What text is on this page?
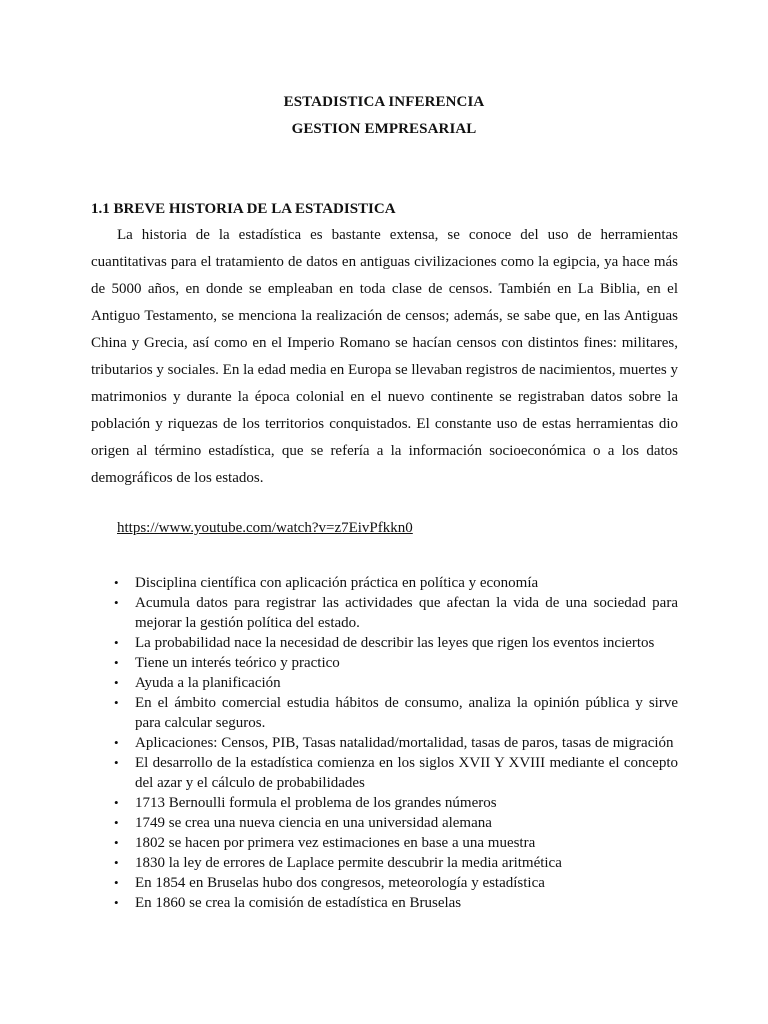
ESTADISTICA INFERENCIA
GESTION EMPRESARIAL
1.1 BREVE HISTORIA DE LA ESTADISTICA

La historia de la estadística es bastante extensa, se conoce del uso de herramientas cuantitativas para el tratamiento de datos en antiguas civilizaciones como la egipcia, ya hace más de 5000 años, en donde se empleaban en toda clase de censos. También en La Biblia, en el Antiguo Testamento, se menciona la realización de censos; además, se sabe que, en las Antiguas China y Grecia, así como en el Imperio Romano se hacían censos con distintos fines: militares, tributarios y sociales. En la edad media en Europa se llevaban registros de nacimientos, muertes y matrimonios y durante la época colonial en el nuevo continente se registraban datos sobre la población y riquezas de los territorios conquistados. El constante uso de estas herramientas dio origen al término estadística, que se refería a la información socioeconómica o a los datos demográficos de los estados.

https://www.youtube.com/watch?v=z7EivPfkkn0
• Disciplina científica con aplicación práctica en política y economía
• Acumula datos para registrar las actividades que afectan la vida de una sociedad para mejorar la gestión política del estado.
• La probabilidad nace la necesidad de describir las leyes que rigen los eventos inciertos
• Tiene un interés teórico y practico
• Ayuda a la planificación
• En el ámbito comercial estudia hábitos de consumo, analiza la opinión pública y sirve para calcular seguros.
• Aplicaciones: Censos, PIB, Tasas natalidad/mortalidad, tasas de paros, tasas de migración
• El desarrollo de la estadística comienza en los siglos XVII Y XVIII mediante el concepto del azar y el cálculo de probabilidades
• 1713 Bernoulli formula el problema de los grandes números
• 1749 se crea una nueva ciencia en una universidad alemana
• 1802 se hacen por primera vez estimaciones en base a una muestra
• 1830 la ley de errores de Laplace permite descubrir la media aritmética
• En 1854 en Bruselas hubo dos congresos, meteorología y estadística
• En 1860 se crea la comisión de estadística en Bruselas
